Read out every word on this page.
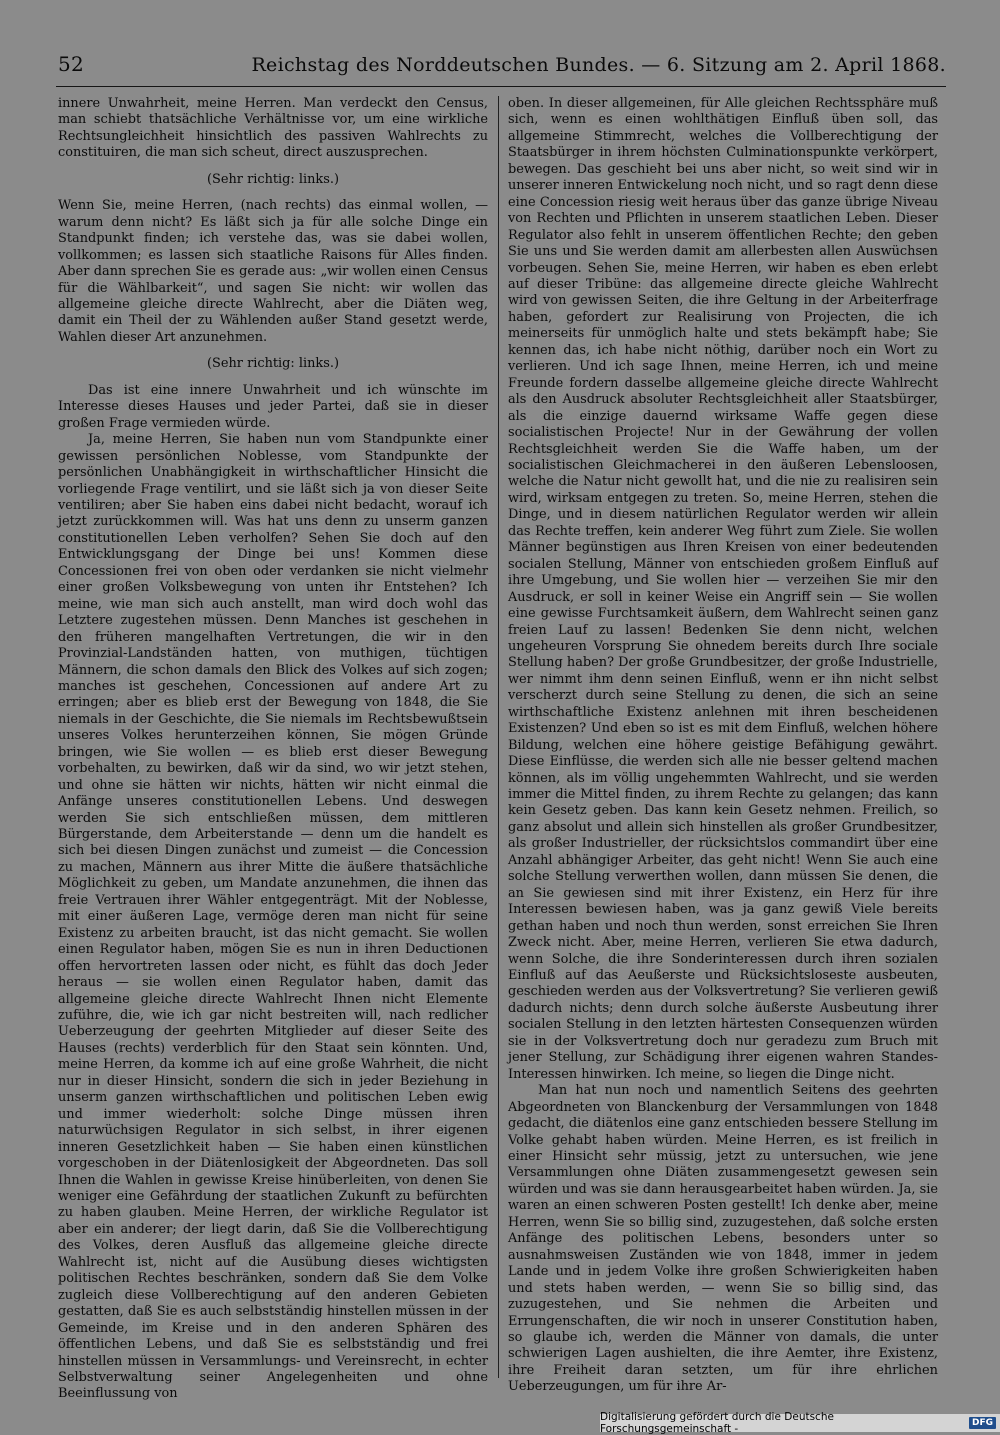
52	Reichstag des Norddeutschen Bundes. — 6. Sitzung am 2. April 1868.

innere Unwahrheit, meine Herren. Man verdeckt den Census, man schiebt thatsächliche Verhältnisse vor, um eine wirkliche Rechtsungleichheit hinsichtlich des passiven Wahlrechts zu constituiren, die man sich scheut, direct auszusprechen.

(Sehr richtig: links.)

Wenn Sie, meine Herren, (nach rechts) das einmal wollen, — warum denn nicht? Es läßt sich ja für alle solche Dinge ein Standpunkt finden; ich verstehe das, was sie dabei wollen, vollkommen; es lassen sich staatliche Raisons für Alles finden. Aber dann sprechen Sie es gerade aus: „wir wollen einen Census für die Wählbarkeit“, und sagen Sie nicht: wir wollen das allgemeine gleiche directe Wahlrecht, aber die Diäten weg, damit ein Theil der zu Wählenden außer Stand gesetzt werde, Wahlen dieser Art anzunehmen.

(Sehr richtig: links.)

Das ist eine innere Unwahrheit und ich wünschte im Interesse dieses Hauses und jeder Partei, daß sie in dieser großen Frage vermieden würde.

Ja, meine Herren, Sie haben nun vom Standpunkte einer gewissen persönlichen Noblesse, vom Standpunkte der persönlichen Unabhängigkeit in wirthschaftlicher Hinsicht die vorliegende Frage ventilirt, und sie läßt sich ja von dieser Seite ventiliren; aber Sie haben eins dabei nicht bedacht, worauf ich jetzt zurückkommen will. Was hat uns denn zu unserm ganzen constitutionellen Leben verholfen? Sehen Sie doch auf den Entwicklungsgang der Dinge bei uns! Kommen diese Concessionen frei von oben oder verdanken sie nicht vielmehr einer großen Volksbewegung von unten ihr Entstehen? Ich meine, wie man sich auch anstellt, man wird doch wohl das Letztere zugestehen müssen. Denn Manches ist geschehen in den früheren mangelhaften Vertretungen, die wir in den Provinzial-Landständen hatten, von muthigen, tüchtigen Männern, die schon damals den Blick des Volkes auf sich zogen; manches ist geschehen, Concessionen auf andere Art zu erringen; aber es blieb erst der Bewegung von 1848, die Sie niemals in der Geschichte, die Sie niemals im Rechtsbewußtsein unseres Volkes herunterzeihen können, Sie mögen Gründe bringen, wie Sie wollen — es blieb erst dieser Bewegung vorbehalten, zu bewirken, daß wir da sind, wo wir jetzt stehen, und ohne sie hätten wir nichts, hätten wir nicht einmal die Anfänge unseres constitutionellen Lebens. Und deswegen werden Sie sich entschließen müssen, dem mittleren Bürgerstande, dem Arbeiterstande — denn um die handelt es sich bei diesen Dingen zunächst und zumeist — die Concession zu machen, Männern aus ihrer Mitte die äußere thatsächliche Möglichkeit zu geben, um Mandate anzunehmen, die ihnen das freie Vertrauen ihrer Wähler entgegenträgt. Mit der Noblesse, mit einer äußeren Lage, vermöge deren man nicht für seine Existenz zu arbeiten braucht, ist das nicht gemacht. Sie wollen einen Regulator haben, mögen Sie es nun in ihren Deductionen offen hervortreten lassen oder nicht, es fühlt das doch Jeder heraus — sie wollen einen Regulator haben, damit das allgemeine gleiche directe Wahlrecht Ihnen nicht Elemente zuführe, die, wie ich gar nicht bestreiten will, nach redlicher Ueberzeugung der geehrten Mitglieder auf dieser Seite des Hauses (rechts) verderblich für den Staat sein könnten. Und, meine Herren, da komme ich auf eine große Wahrheit, die nicht nur in dieser Hinsicht, sondern die sich in jeder Beziehung in unserm ganzen wirthschaftlichen und politischen Leben ewig und immer wiederholt: solche Dinge müssen ihren naturwüchsigen Regulator in sich selbst, in ihrer eigenen inneren Gesetzlichkeit haben — Sie haben einen künstlichen vorgeschoben in der Diätenlosigkeit der Abgeordneten. Das soll Ihnen die Wahlen in gewisse Kreise hinüberleiten, von denen Sie weniger eine Gefährdung der staatlichen Zukunft zu befürchten zu haben glauben. Meine Herren, der wirkliche Regulator ist aber ein anderer; der liegt darin, daß Sie die Vollberechtigung des Volkes, deren Ausfluß das allgemeine gleiche directe Wahlrecht ist, nicht auf die Ausübung dieses wichtigsten politischen Rechtes beschränken, sondern daß Sie dem Volke zugleich diese Vollberechtigung auf den anderen Gebieten gestatten, daß Sie es auch selbstständig hinstellen müssen in der Gemeinde, im Kreise und in den anderen Sphären des öffentlichen Lebens, und daß Sie es selbstständig und frei hinstellen müssen in Versammlungs- und Vereinsrecht, in echter Selbstverwaltung seiner Angelegenheiten und ohne Beeinflussung von

oben. In dieser allgemeinen, für Alle gleichen Rechtssphäre muß sich, wenn es einen wohlthätigen Einfluß üben soll, das allgemeine Stimmrecht, welches die Vollberechtigung der Staatsbürger in ihrem höchsten Culminationspunkte verkörpert, bewegen. Das geschieht bei uns aber nicht, so weit sind wir in unserer inneren Entwickelung noch nicht, und so ragt denn diese eine Concession riesig weit heraus über das ganze übrige Niveau von Rechten und Pflichten in unserem staatlichen Leben. Dieser Regulator also fehlt in unserem öffentlichen Rechte; den geben Sie uns und Sie werden damit am allerbesten allen Auswüchsen vorbeugen. Sehen Sie, meine Herren, wir haben es eben erlebt auf dieser Tribüne: das allgemeine directe gleiche Wahlrecht wird von gewissen Seiten, die ihre Geltung in der Arbeiterfrage haben, gefordert zur Realisirung von Projecten, die ich meinerseits für unmöglich halte und stets bekämpft habe; Sie kennen das, ich habe nicht nöthig, darüber noch ein Wort zu verlieren. Und ich sage Ihnen, meine Herren, ich und meine Freunde fordern dasselbe allgemeine gleiche directe Wahlrecht als den Ausdruck absoluter Rechtsgleichheit aller Staatsbürger, als die einzige dauernd wirksame Waffe gegen diese socialistischen Projecte! Nur in der Gewährung der vollen Rechtsgleichheit werden Sie die Waffe haben, um der socialistischen Gleichmacherei in den äußeren Lebensloosen, welche die Natur nicht gewollt hat, und die nie zu realisiren sein wird, wirksam entgegen zu treten. So, meine Herren, stehen die Dinge, und in diesem natürlichen Regulator werden wir allein das Rechte treffen, kein anderer Weg führt zum Ziele. Sie wollen Männer begünstigen aus Ihren Kreisen von einer bedeutenden socialen Stellung, Männer von entschieden großem Einfluß auf ihre Umgebung, und Sie wollen hier — verzeihen Sie mir den Ausdruck, er soll in keiner Weise ein Angriff sein — Sie wollen eine gewisse Furchtsamkeit äußern, dem Wahlrecht seinen ganz freien Lauf zu lassen! Bedenken Sie denn nicht, welchen ungeheuren Vorsprung Sie ohnedem bereits durch Ihre sociale Stellung haben? Der große Grundbesitzer, der große Industrielle, wer nimmt ihm denn seinen Einfluß, wenn er ihn nicht selbst verscherzt durch seine Stellung zu denen, die sich an seine wirthschaftliche Existenz anlehnen mit ihren bescheidenen Existenzen? Und eben so ist es mit dem Einfluß, welchen höhere Bildung, welchen eine höhere geistige Befähigung gewährt. Diese Einflüsse, die werden sich alle nie besser geltend machen können, als im völlig ungehemmten Wahlrecht, und sie werden immer die Mittel finden, zu ihrem Rechte zu gelangen; das kann kein Gesetz geben. Das kann kein Gesetz nehmen. Freilich, so ganz absolut und allein sich hinstellen als großer Grundbesitzer, als großer Industrieller, der rücksichtslos commandirt über eine Anzahl abhängiger Arbeiter, das geht nicht! Wenn Sie auch eine solche Stellung verwerthen wollen, dann müssen Sie denen, die an Sie gewiesen sind mit ihrer Existenz, ein Herz für ihre Interessen bewiesen haben, was ja ganz gewiß Viele bereits gethan haben und noch thun werden, sonst erreichen Sie Ihren Zweck nicht. Aber, meine Herren, verlieren Sie etwa dadurch, wenn Solche, die ihre Sonderinteressen durch ihren sozialen Einfluß auf das Aeußerste und Rücksichtsloseste ausbeuten, geschieden werden aus der Volksvertretung? Sie verlieren gewiß dadurch nichts; denn durch solche äußerste Ausbeutung ihrer socialen Stellung in den letzten härtesten Consequenzen würden sie in der Volksvertretung doch nur geradezu zum Bruch mit jener Stellung, zur Schädigung ihrer eigenen wahren Standes-Interessen hinwirken. Ich meine, so liegen die Dinge nicht.

Man hat nun noch und namentlich Seitens des geehrten Abgeordneten von Blanckenburg der Versammlungen von 1848 gedacht, die diätenlos eine ganz entschieden bessere Stellung im Volke gehabt haben würden. Meine Herren, es ist freilich in einer Hinsicht sehr müssig, jetzt zu untersuchen, wie jene Versammlungen ohne Diäten zusammengesetzt gewesen sein würden und was sie dann herausgearbeitet haben würden. Ja, sie waren an einen schweren Posten gestellt! Ich denke aber, meine Herren, wenn Sie so billig sind, zuzugestehen, daß solche ersten Anfänge des politischen Lebens, besonders unter so ausnahmsweisen Zuständen wie von 1848, immer in jedem Lande und in jedem Volke ihre großen Schwierigkeiten haben und stets haben werden, — wenn Sie so billig sind, das zuzugestehen, und Sie nehmen die Arbeiten und Errungenschaften, die wir noch in unserer Constitution haben, so glaube ich, werden die Männer von damals, die unter schwierigen Lagen aushielten, die ihre Aemter, ihre Existenz, ihre Freiheit daran setzten, um für ihre ehrlichen Ueberzeugungen, um für ihre Ar-

Digitalisierung gefördert durch die Deutsche Forschungsgemeinschaft -	DFG
